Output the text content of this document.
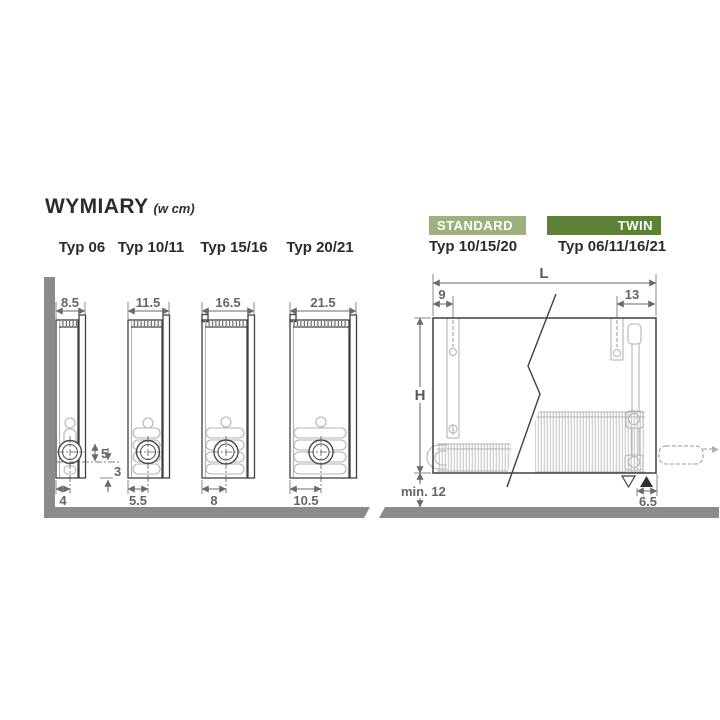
WYMIARY (w cm)
Typ 06 Typ 10/11 Typ 15/16 Typ 20/21
STANDARD
Typ 10/15/20
TWIN
Typ 06/11/16/21
8.5
4
5
3
11.5
5.5
16.5
8
21.5
10.5
L
9	13
H
min. 12
6.5
